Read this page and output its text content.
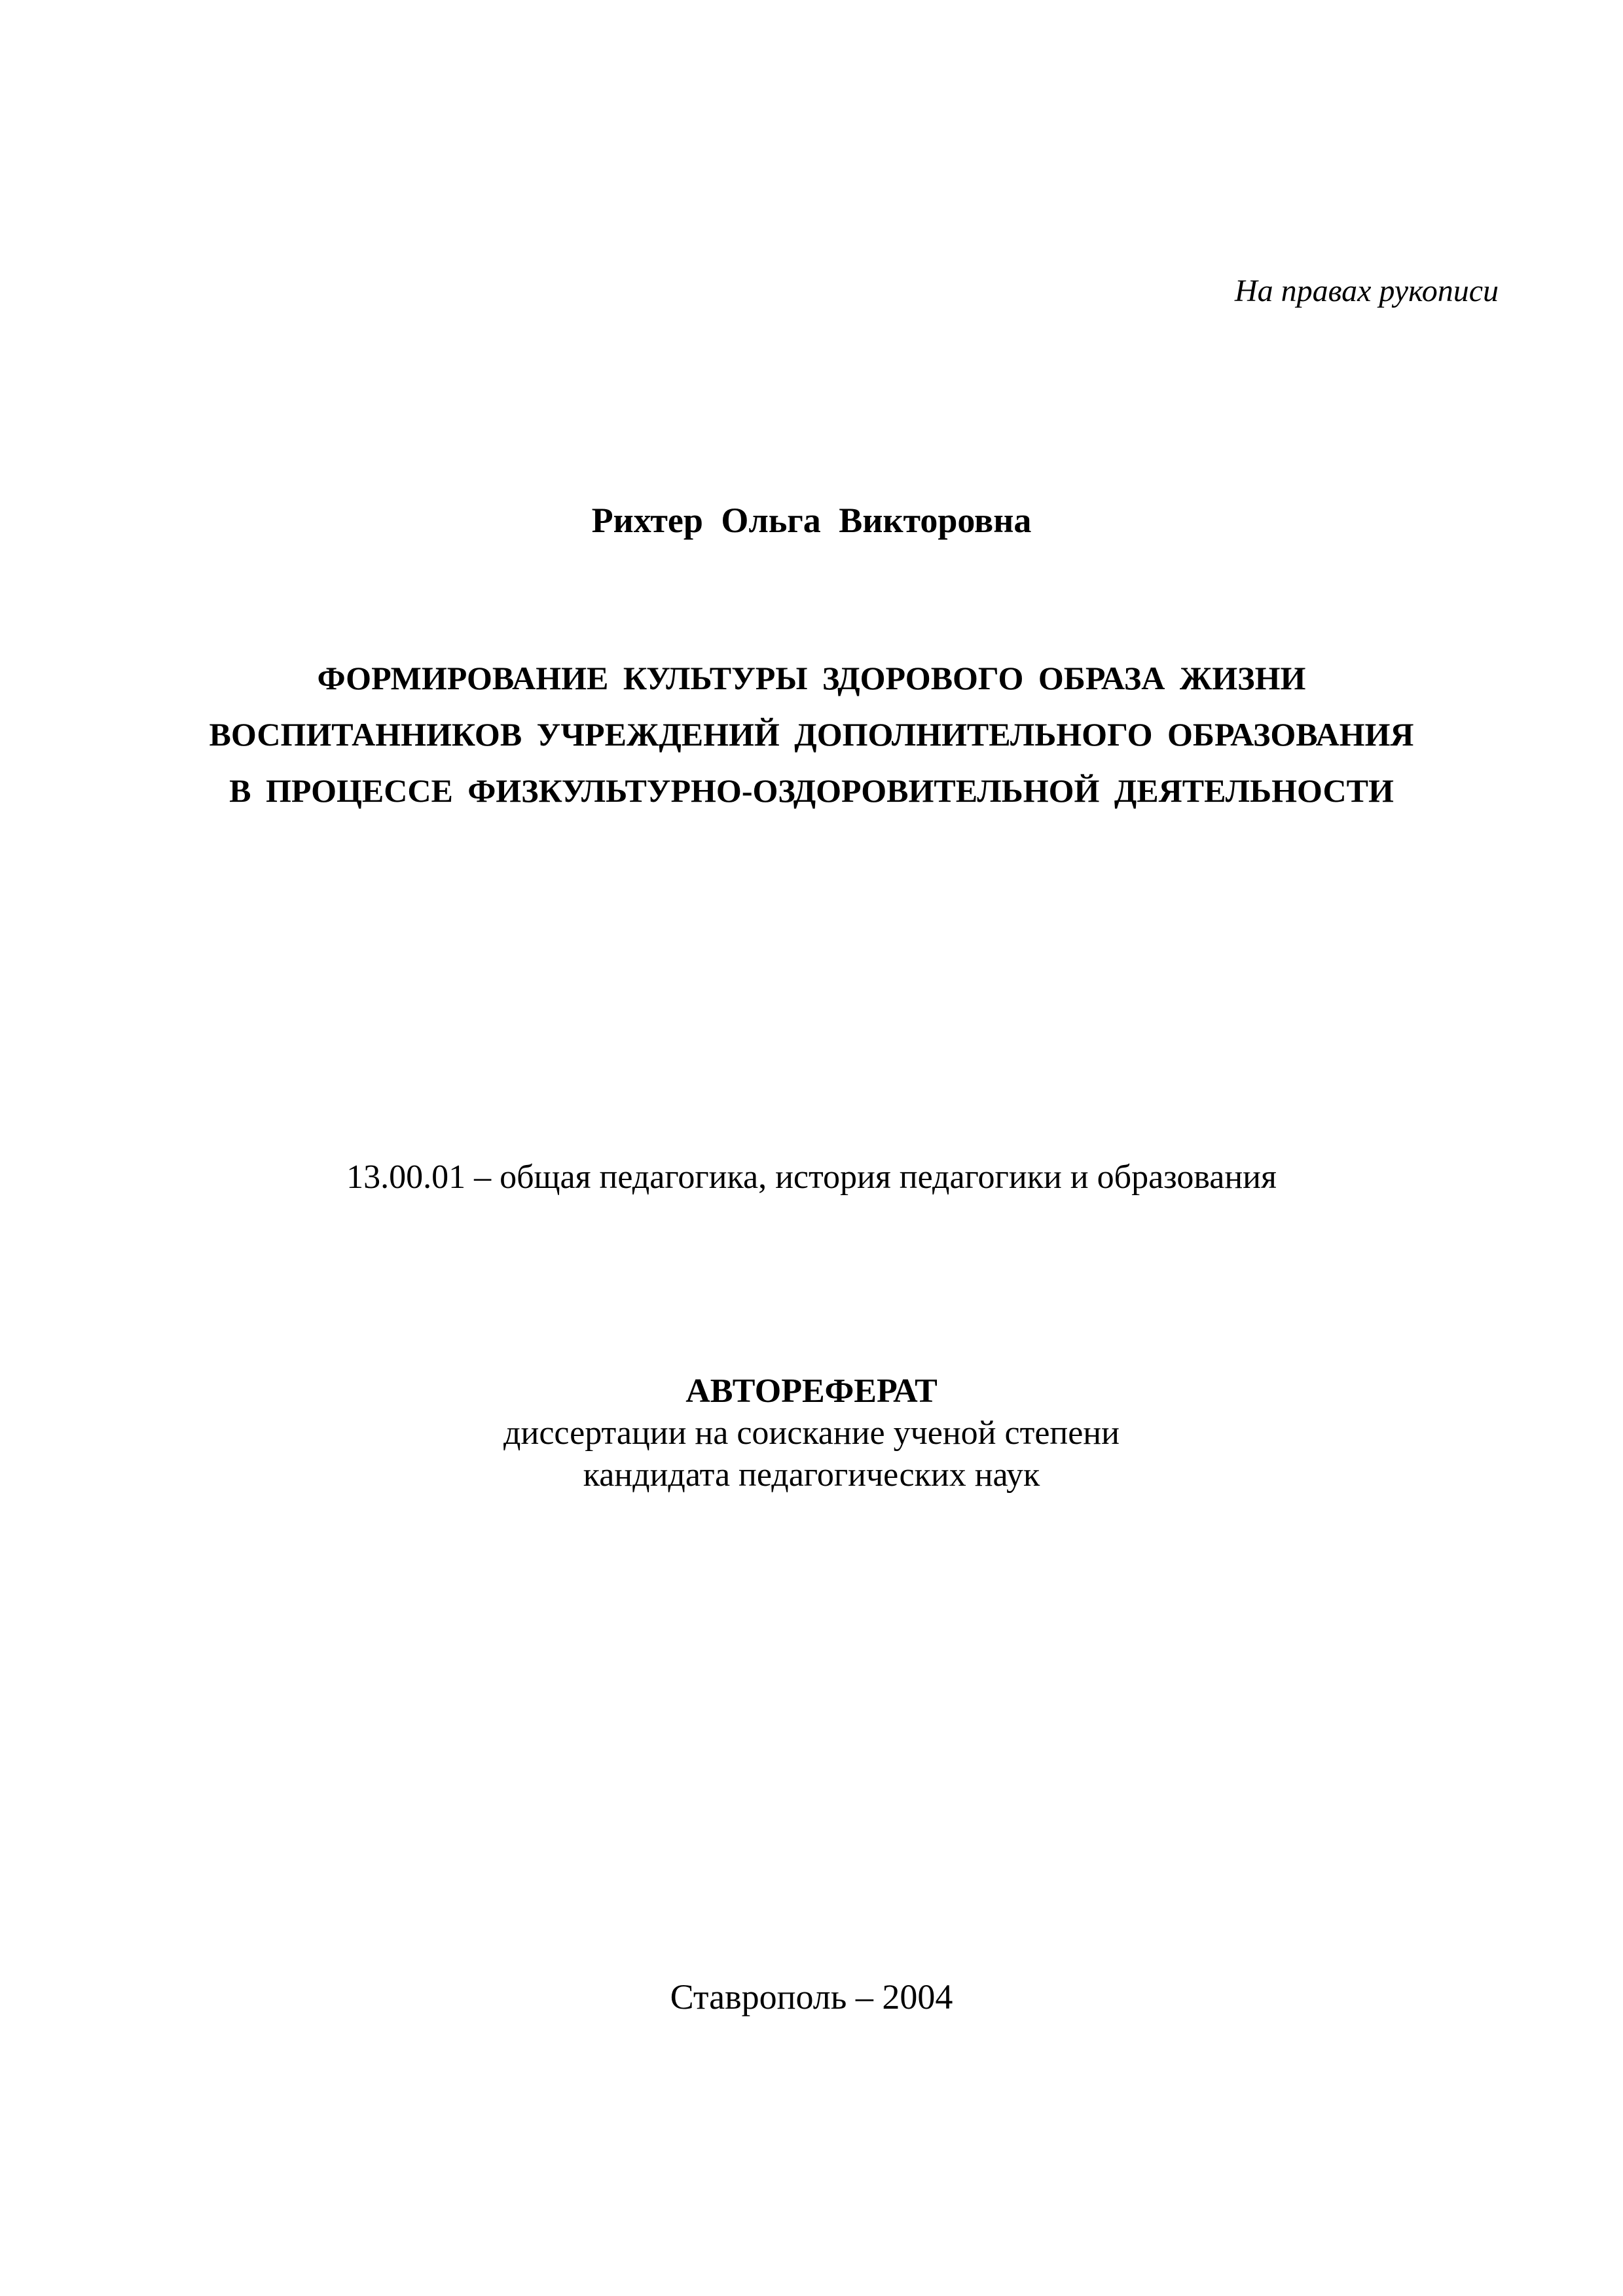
На правах рукописи
Рихтер Ольга Викторовна
ФОРМИРОВАНИЕ КУЛЬТУРЫ ЗДОРОВОГО ОБРАЗА ЖИЗНИ
ВОСПИТАННИКОВ УЧРЕЖДЕНИЙ ДОПОЛНИТЕЛЬНОГО ОБРАЗОВАНИЯ
В ПРОЦЕССЕ ФИЗКУЛЬТУРНО-ОЗДОРОВИТЕЛЬНОЙ ДЕЯТЕЛЬНОСТИ
13.00.01 – общая педагогика, история педагогики и образования
АВТОРЕФЕРАТ
диссертации на соискание ученой степени
кандидата педагогических наук
Ставрополь – 2004
